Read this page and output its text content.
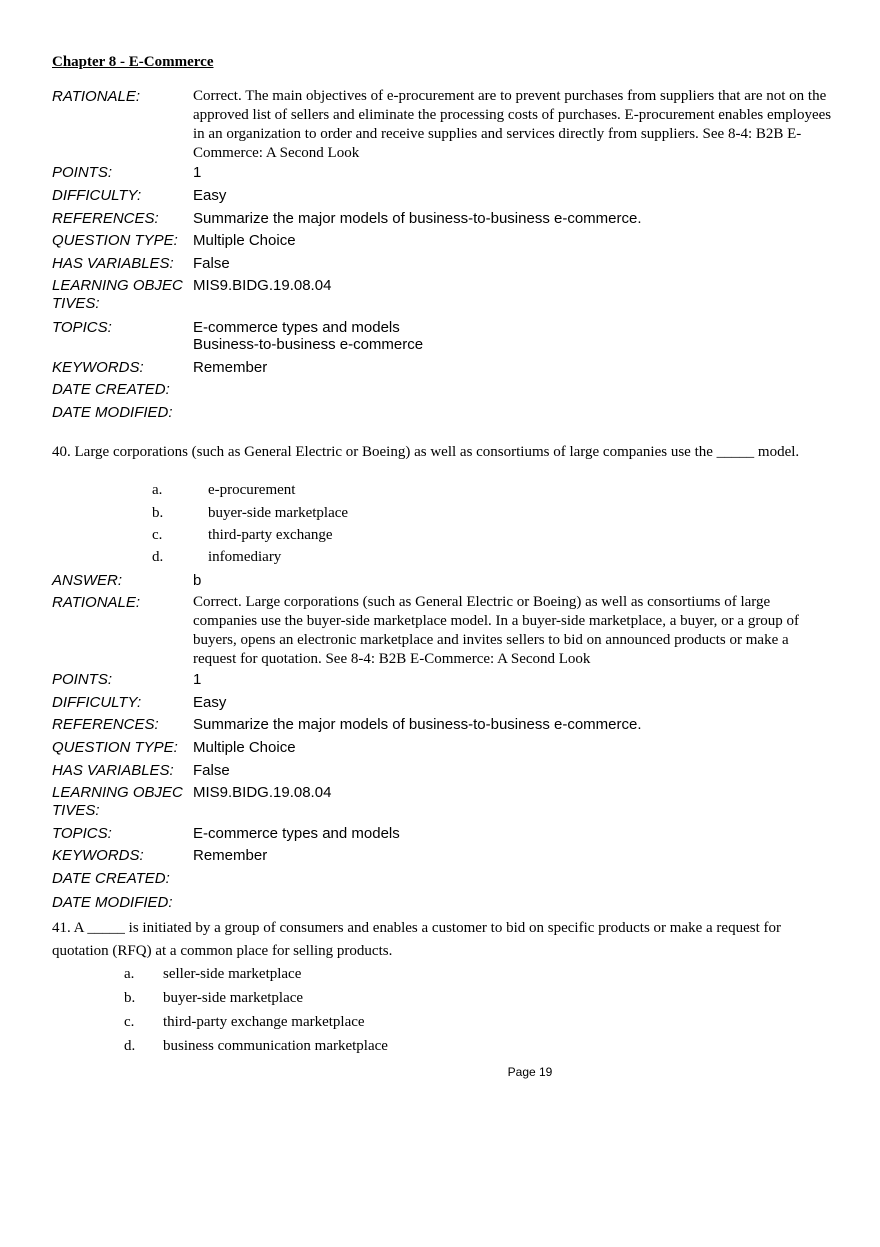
Chapter 8 - E-Commerce
RATIONALE:	Correct. The main objectives of e-procurement are to prevent purchases from suppliers that are not on the approved list of sellers and eliminate the processing costs of purchases. E-procurement enables employees in an organization to order and receive supplies and services directly from suppliers. See 8-4: B2B E-Commerce: A Second Look
POINTS:	1
DIFFICULTY:	Easy
REFERENCES: Summarize the major models of business-to-business e-commerce.
QUESTION TYPE: Multiple Choice
HAS VARIABLES: False
LEARNING OBJEC
TIVES:
MIS9.BIDG.19.08.04
TOPICS:	E-commerce types and models
Business-to-business e-commerce
KEYWORDS:	Remember
DATE CREATED:
DATE MODIFIED:
40. Large corporations (such as General Electric or Boeing) as well as consortiums of large companies use the _____ model.
a.	e-procurement
b.	buyer-side marketplace
c.	third-party exchange
d.	infomediary
ANSWER:	b
RATIONALE:	Correct. Large corporations (such as General Electric or Boeing) as well as consortiums of large companies use the buyer-side marketplace model. In a buyer-side marketplace, a buyer, or a group of buyers, opens an electronic marketplace and invites sellers to bid on announced products or make a request for quotation. See 8-4: B2B E-Commerce: A Second Look
POINTS:	1
DIFFICULTY:	Easy
REFERENCES: Summarize the major models of business-to-business e-commerce.
QUESTION TYPE: Multiple Choice
HAS VARIABLES: False
LEARNING OBJEC
TIVES:
MIS9.BIDG.19.08.04
TOPICS:	E-commerce types and models
KEYWORDS:	Remember
DATE CREATED:
DATE MODIFIED:
41. A _____ is initiated by a group of consumers and enables a customer to bid on specific products or make a request for quotation (RFQ) at a common place for selling products.
a. seller-side marketplace
b. buyer-side marketplace
c. third-party exchange marketplace
d. business communication marketplace
Page 19
